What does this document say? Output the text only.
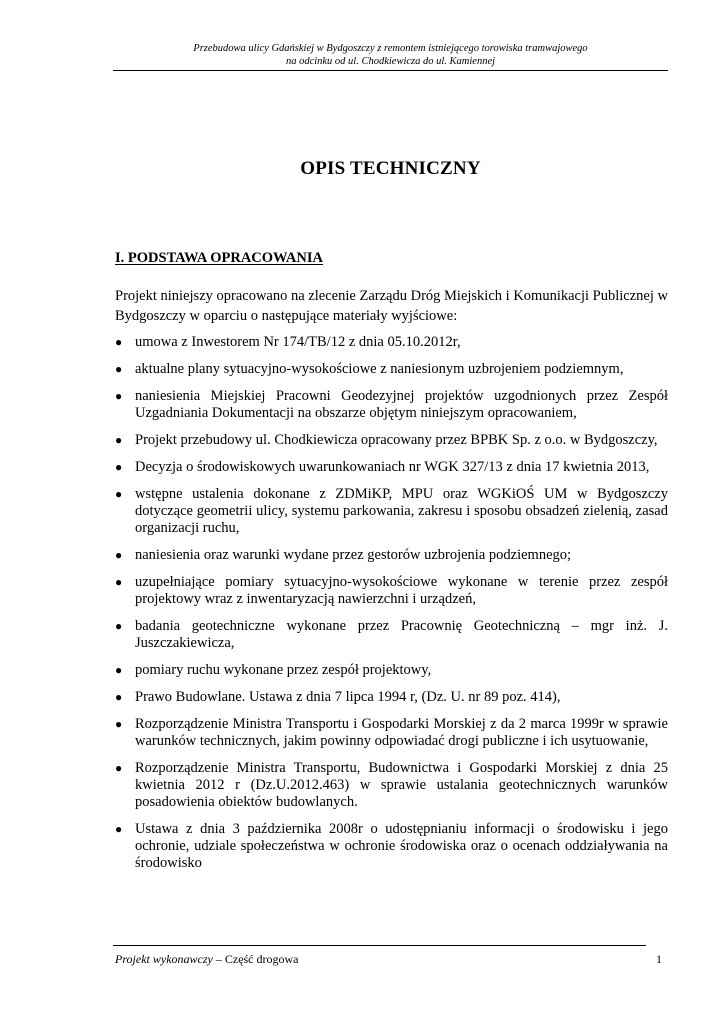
Przebudowa ulicy Gdańskiej w Bydgoszczy z remontem istniejącego torowiska tramwajowego
na odcinku od ul. Chodkiewicza do ul. Kamiennej
OPIS TECHNICZNY
I. PODSTAWA OPRACOWANIA
Projekt niniejszy opracowano na zlecenie Zarządu Dróg Miejskich i Komunikacji Publicznej w Bydgoszczy w oparciu o następujące materiały wyjściowe:
● umowa z Inwestorem Nr 174/TB/12 z dnia 05.10.2012r,
● aktualne plany sytuacyjno-wysokościowe z naniesionym uzbrojeniem podziemnym,
● naniesienia Miejskiej Pracowni Geodezyjnej projektów uzgodnionych przez Zespół Uzgadniania Dokumentacji na obszarze objętym niniejszym opracowaniem,
● Projekt przebudowy ul. Chodkiewicza opracowany przez BPBK Sp. z o.o. w Bydgoszczy,
● Decyzja o środowiskowych uwarunkowaniach nr WGK 327/13 z dnia 17 kwietnia 2013,
● wstępne ustalenia dokonane z ZDMiKP, MPU oraz WGKiOŚ UM w Bydgoszczy dotyczące geometrii ulicy, systemu parkowania, zakresu i sposobu obsadzeń zielenią, zasad organizacji ruchu,
● naniesienia oraz warunki wydane przez gestorów uzbrojenia podziemnego;
● uzupełniające pomiary sytuacyjno-wysokościowe wykonane w terenie przez zespół projektowy wraz z inwentaryzacją nawierzchni i urządzeń,
● badania geotechniczne wykonane przez Pracownię Geotechniczną – mgr inż. J. Juszczakiewicza,
● pomiary ruchu wykonane przez zespół projektowy,
● Prawo Budowlane. Ustawa z dnia 7 lipca 1994 r, (Dz. U. nr 89 poz. 414),
● Rozporządzenie Ministra Transportu i Gospodarki Morskiej z da 2 marca 1999r w sprawie warunków technicznych, jakim powinny odpowiadać drogi publiczne i ich usytuowanie,
● Rozporządzenie Ministra Transportu, Budownictwa i Gospodarki Morskiej z dnia 25 kwietnia 2012 r (Dz.U.2012.463) w sprawie ustalania geotechnicznych warunków posadowienia obiektów budowlanych.
● Ustawa z dnia 3 października 2008r o udostępnianiu informacji o środowisku i jego ochronie, udziale społeczeństwa w ochronie środowiska oraz o ocenach oddziaływania na środowisko
Projekt wykonawczy – Część drogowa	1
